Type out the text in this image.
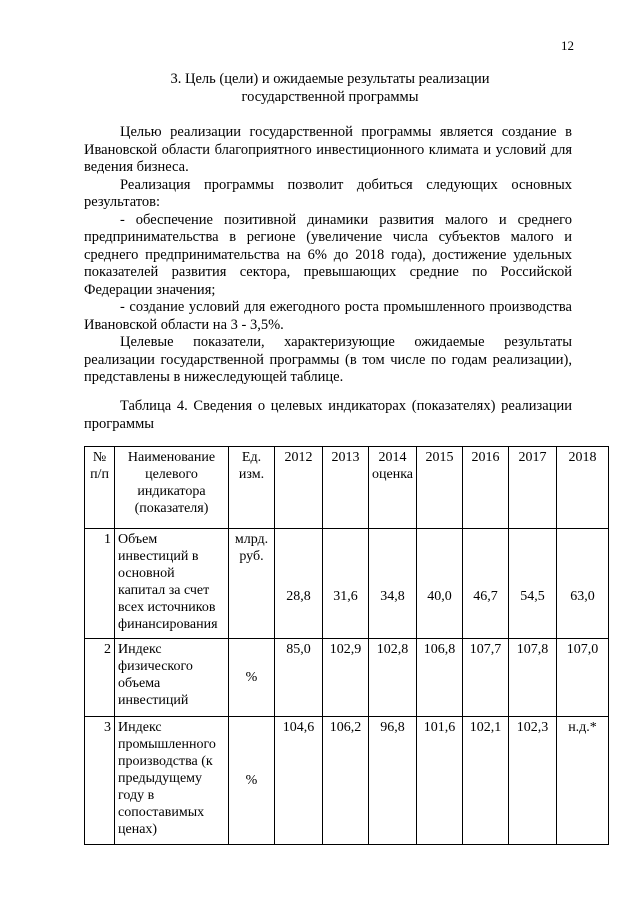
12
3. Цель (цели) и ожидаемые результаты реализации
государственной программы

Целью реализации государственной программы является создание в Ивановской области благоприятного инвестиционного климата и условий для ведения бизнеса.

Реализация программы позволит добиться следующих основных результатов:

- обеспечение позитивной динамики развития малого и среднего предпринимательства в регионе (увеличение числа субъектов малого и среднего предпринимательства на 6% до 2018 года), достижение удельных показателей развития сектора, превышающих средние по Российской Федерации значения;

- создание условий для ежегодного роста промышленного производства Ивановской области на 3 - 3,5%.

Целевые показатели, характеризующие ожидаемые результаты реализации государственной программы (в том числе по годам реализации), представлены в нижеследующей таблице.

Таблица 4. Сведения о целевых индикаторах (показателях) реализации программы
№ п/п	Наименование целевого индикатора (показателя)	Ед. изм.	2012	2013	2014 оценка	2015	2016	2017	2018
1	Объем инвестиций в основной капитал за счет всех источников финансирования	млрд. руб.	28,8	31,6	34,8	40,0	46,7	54,5	63,0
2	Индекс физического объема инвестиций	%	85,0	102,9	102,8	106,8	107,7	107,8	107,0
3	Индекс промышленного производства (к предыдущему году в сопоставимых ценах)	%	104,6	106,2	96,8	101,6	102,1	102,3	н.д.*
